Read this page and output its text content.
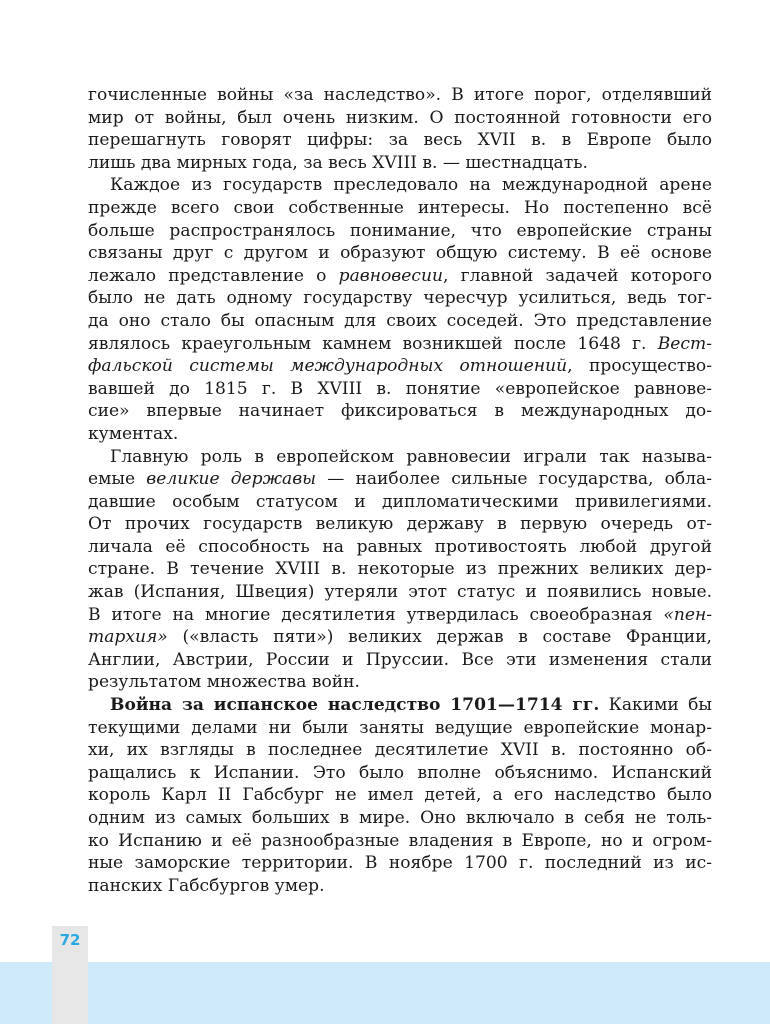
гочисленные войны «за наследство». В итоге порог, отделявший
мир от войны, был очень низким. О постоянной готовности его
перешагнуть говорят цифры: за весь XVII в. в Европе было
лишь два мирных года, за весь XVIII в. — шестнадцать.
Каждое из государств преследовало на международной арене
прежде всего свои собственные интересы. Но постепенно всё
больше распространялось понимание, что европейские страны
связаны друг с другом и образуют общую систему. В её основе
лежало представление о равновесии, главной задачей которого
было не дать одному государству чересчур усилиться, ведь тог-
да оно стало бы опасным для своих соседей. Это представление
являлось краеугольным камнем возникшей после 1648 г. Вест-
фальской системы международных отношений, просущество-
вавшей до 1815 г. В XVIII в. понятие «европейское равнове-
сие» впервые начинает фиксироваться в международных до-
кументах.
Главную роль в европейском равновесии играли так называ-
емые великие державы — наиболее сильные государства, обла-
давшие особым статусом и дипломатическими привилегиями.
От прочих государств великую державу в первую очередь от-
личала её способность на равных противостоять любой другой
стране. В течение XVIII в. некоторые из прежних великих дер-
жав (Испания, Швеция) утеряли этот статус и появились новые.
В итоге на многие десятилетия утвердилась своеобразная «пен-
тархия» («власть пяти») великих держав в составе Франции,
Англии, Австрии, России и Пруссии. Все эти изменения стали
результатом множества войн.
Война за испанское наследство 1701—1714 гг. Какими бы
текущими делами ни были заняты ведущие европейские монар-
хи, их взгляды в последнее десятилетие XVII в. постоянно об-
ращались к Испании. Это было вполне объяснимо. Испанский
король Карл II Габсбург не имел детей, а его наследство было
одним из самых больших в мире. Оно включало в себя не толь-
ко Испанию и её разнообразные владения в Европе, но и огром-
ные заморские территории. В ноябре 1700 г. последний из ис-
панских Габсбургов умер.
72
